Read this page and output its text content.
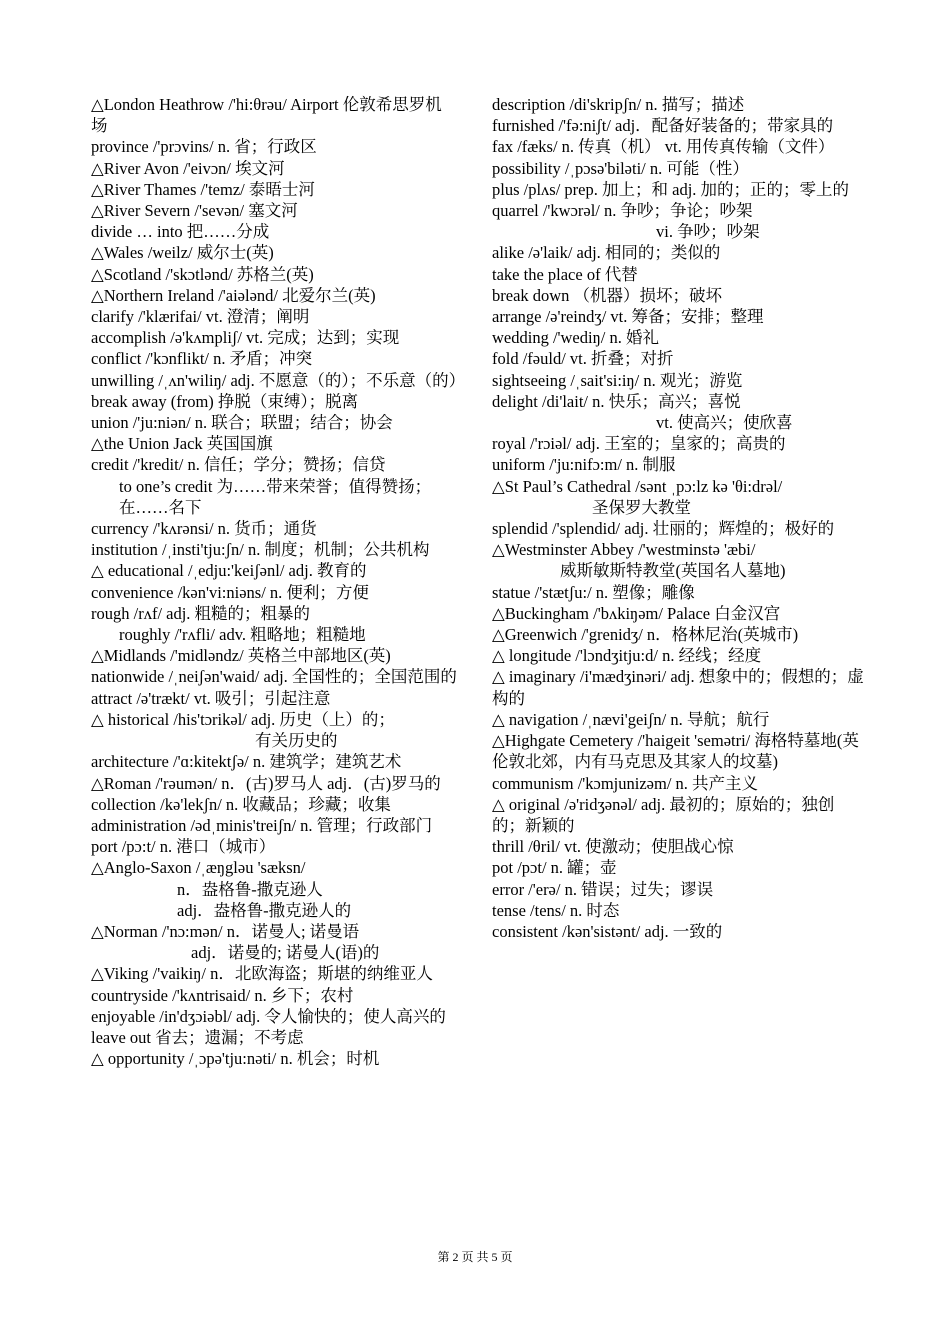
△London Heathrow /'hi:θrəu/ Airport 伦敦希思罗机场
province /'prɔvins/ n. 省；行政区
△River Avon /'eivɔn/ 埃文河
△River Thames /'temz/ 泰晤士河
△River Severn /'sevən/ 塞文河
divide … into 把……分成
△Wales /weilz/ 威尔士(英)
△Scotland /'skɔtlənd/ 苏格兰(英)
△Northern Ireland /'aiələnd/ 北爱尔兰(英)
clarify /'klærifai/ vt. 澄清；阐明
accomplish /ə'kʌmpliʃ/ vt. 完成；达到；实现
conflict /'kɔnflikt/ n. 矛盾；冲突
unwilling /ˌʌn'wiliŋ/ adj. 不愿意（的）；不乐意（的）
break away (from) 挣脱（束缚）；脱离
union /'ju:niən/ n. 联合；联盟；结合；协会
△the Union Jack 英国国旗
credit /'kredit/ n. 信任；学分；赞扬；信贷
to one’s credit 为……带来荣誉；值得赞扬；在……名下
currency /'kʌrənsi/ n. 货币；通货
institution /ˌinsti'tju:ʃn/ n. 制度；机制；公共机构
△ educational /ˌedju:'keiʃənl/ adj. 教育的
convenience /kən'vi:niəns/ n. 便利；方便
rough /rʌf/ adj. 粗糙的；粗暴的
roughly /'rʌfli/ adv. 粗略地；粗糙地
△Midlands /'midləndz/ 英格兰中部地区(英)
nationwide /ˌneiʃən'waid/ adj. 全国性的；全国范围的
attract /ə'trækt/ vt. 吸引；引起注意
△ historical /his'tɔrikəl/ adj. 历史（上）的；
有关历史的
architecture /'ɑ:kitektʃə/ n. 建筑学；建筑艺术
△Roman /'rəumən/ n．(古)罗马人 adj．(古)罗马的
collection /kə'lekʃn/ n. 收藏品；珍藏；收集
administration /ədˌminis'treiʃn/ n. 管理；行政部门
port /pɔ:t/ n. 港口（城市）
△Anglo-Saxon /ˌæŋgləu 'sæksn/
n．盎格鲁-撒克逊人
adj．盎格鲁-撒克逊人的
△Norman /'nɔ:mən/ n．诺曼人; 诺曼语
adj．诺曼的; 诺曼人(语)的
△Viking /'vaikiŋ/ n．北欧海盗；斯堪的纳维亚人
countryside /'kʌntrisaid/ n. 乡下；农村
enjoyable /in'dʒɔiəbl/ adj. 令人愉快的；使人高兴的
leave out 省去；遗漏；不考虑
△ opportunity /ˌɔpə'tju:nəti/ n. 机会；时机
description /di'skripʃn/ n. 描写；描述
furnished /'fə:niʃt/ adj．配备好装备的；带家具的
fax /fæks/ n. 传真（机） vt. 用传真传输（文件）
possibility /ˌpɔsə'biləti/ n. 可能（性）
plus /plʌs/ prep. 加上；和 adj. 加的；正的；零上的
quarrel /'kwɔrəl/ n. 争吵；争论；吵架
vi. 争吵；吵架
alike /ə'laik/ adj. 相同的；类似的
take the place of 代替
break down （机器）损坏；破坏
arrange /ə'reindʒ/ vt. 筹备；安排；整理
wedding /'wediŋ/ n. 婚礼
fold /fəuld/ vt. 折叠；对折
sightseeing /ˌsait'si:iŋ/ n. 观光；游览
delight /di'lait/ n. 快乐；高兴；喜悦
vt. 使高兴；使欣喜
royal /'rɔiəl/ adj. 王室的；皇家的；高贵的
uniform /'ju:nifɔ:m/ n. 制服
△St Paul’s Cathedral /sənt ˌpɔ:lz kə 'θi:drəl/
圣保罗大教堂
splendid /'splendid/ adj. 壮丽的；辉煌的；极好的
△Westminster Abbey /'westminstə 'æbi/
威斯敏斯特教堂(英国名人墓地)
statue /'stætʃu:/ n. 塑像；雕像
△Buckingham /'bʌkiŋəm/ Palace 白金汉宫
△Greenwich /'grenidʒ/ n．格林尼治(英城市)
△ longitude /'lɔndʒitju:d/ n. 经线；经度
△ imaginary /i'mædʒinəri/ adj. 想象中的；假想的；虚构的
△ navigation /ˌnævi'geiʃn/ n. 导航；航行
△Highgate Cemetery /'haigeit 'semətri/ 海格特墓地(英伦敦北郊，内有马克思及其家人的坟墓)
communism /'kɔmjunizəm/ n. 共产主义
△ original /ə'ridʒənəl/ adj. 最初的；原始的；独创的；新颖的
thrill /θril/ vt. 使激动；使胆战心惊
pot /pɔt/ n. 罐；壶
error /'erə/ n. 错误；过失；谬误
tense /tens/ n. 时态
consistent /kən'sistənt/ adj. 一致的
第 2 页 共 5 页
